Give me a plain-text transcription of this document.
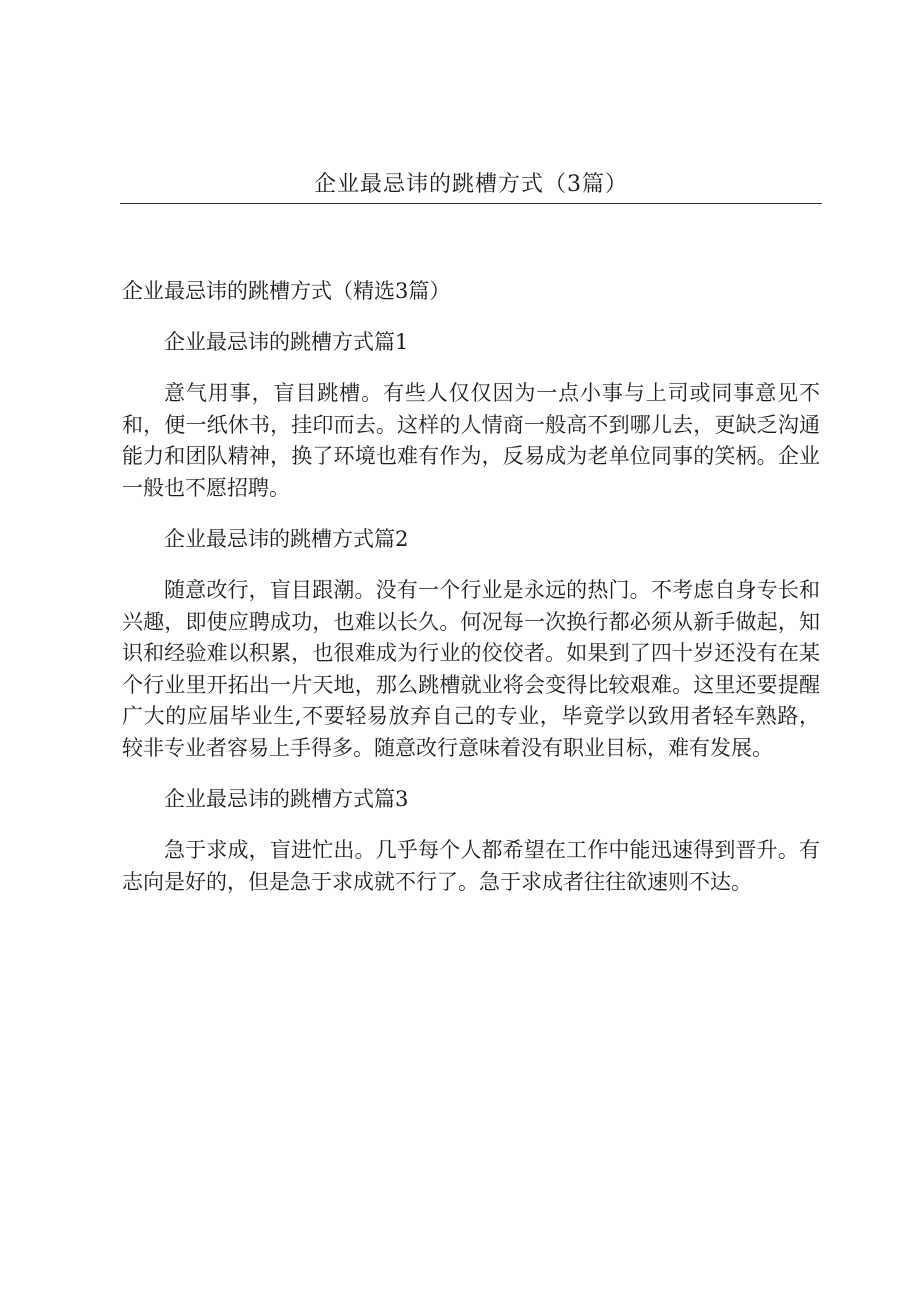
企业最忌讳的跳槽方式（3篇）

企业最忌讳的跳槽方式（精选3篇）

企业最忌讳的跳槽方式篇1

意气用事，盲目跳槽。有些人仅仅因为一点小事与上司或同事意见不和，便一纸休书，挂印而去。这样的人情商一般高不到哪儿去，更缺乏沟通能力和团队精神，换了环境也难有作为，反易成为老单位同事的笑柄。企业一般也不愿招聘。

企业最忌讳的跳槽方式篇2

随意改行，盲目跟潮。没有一个行业是永远的热门。不考虑自身专长和兴趣，即使应聘成功，也难以长久。何况每一次换行都必须从新手做起，知识和经验难以积累，也很难成为行业的佼佼者。如果到了四十岁还没有在某个行业里开拓出一片天地，那么跳槽就业将会变得比较艰难。这里还要提醒广大的应届毕业生,不要轻易放弃自己的专业，毕竟学以致用者轻车熟路，较非专业者容易上手得多。随意改行意味着没有职业目标，难有发展。

企业最忌讳的跳槽方式篇3

急于求成，盲进忙出。几乎每个人都希望在工作中能迅速得到晋升。有志向是好的，但是急于求成就不行了。急于求成者往往欲速则不达。
